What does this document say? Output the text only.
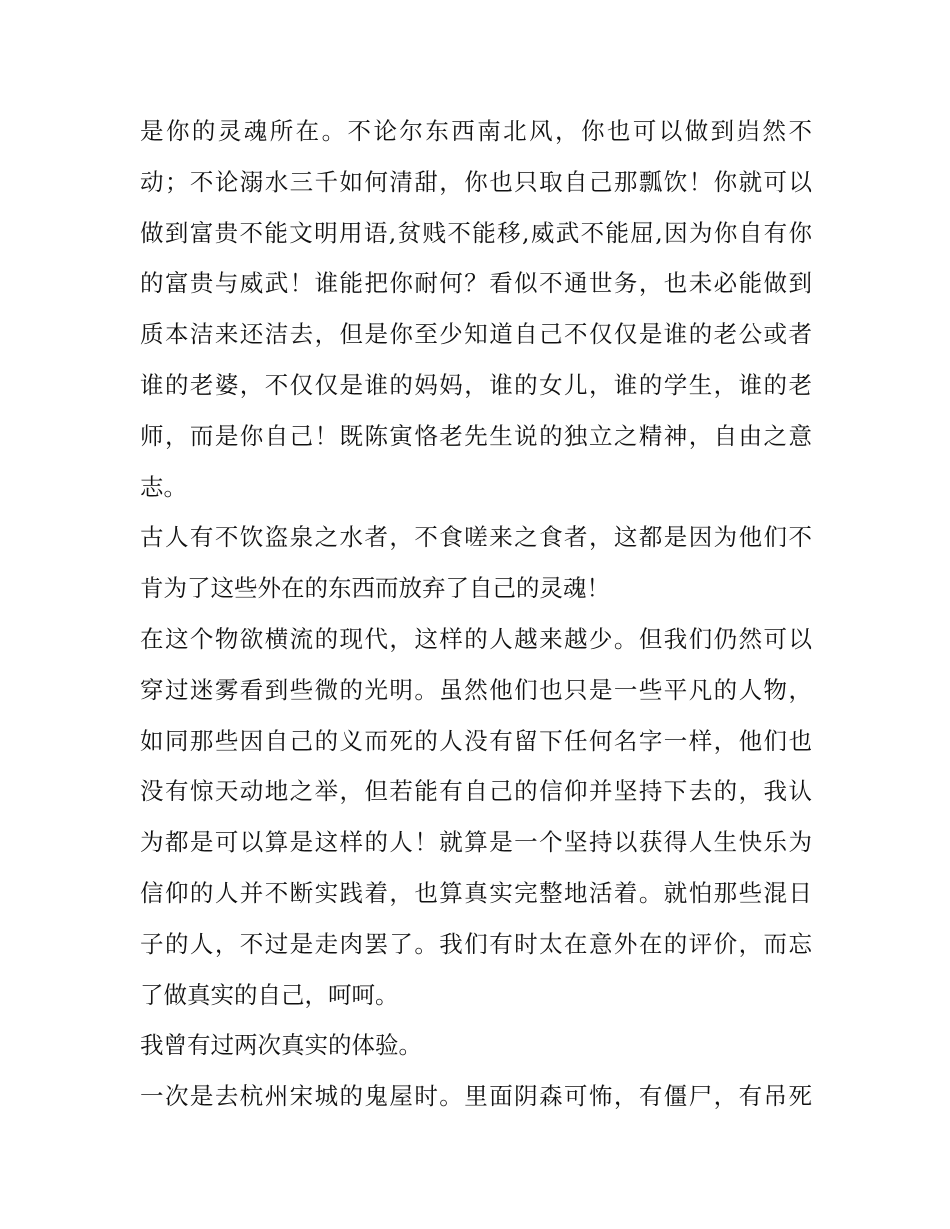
是你的灵魂所在。不论尔东西南北风，你也可以做到岿然不
动；不论溺水三千如何清甜，你也只取自己那瓢饮！你就可以
做到富贵不能文明用语,贫贱不能移,威武不能屈,因为你自有你
的富贵与威武！谁能把你耐何？看似不通世务，也未必能做到
质本洁来还洁去，但是你至少知道自己不仅仅是谁的老公或者
谁的老婆，不仅仅是谁的妈妈，谁的女儿，谁的学生，谁的老
师，而是你自己！既陈寅恪老先生说的独立之精神，自由之意
志。
古人有不饮盗泉之水者，不食嗟来之食者，这都是因为他们不
肯为了这些外在的东西而放弃了自己的灵魂！
在这个物欲横流的现代，这样的人越来越少。但我们仍然可以
穿过迷雾看到些微的光明。虽然他们也只是一些平凡的人物，
如同那些因自己的义而死的人没有留下任何名字一样，他们也
没有惊天动地之举，但若能有自己的信仰并坚持下去的，我认
为都是可以算是这样的人！就算是一个坚持以获得人生快乐为
信仰的人并不断实践着，也算真实完整地活着。就怕那些混日
子的人，不过是走肉罢了。我们有时太在意外在的评价，而忘
了做真实的自己，呵呵。
我曾有过两次真实的体验。
一次是去杭州宋城的鬼屋时。里面阴森可怖，有僵尸，有吊死
